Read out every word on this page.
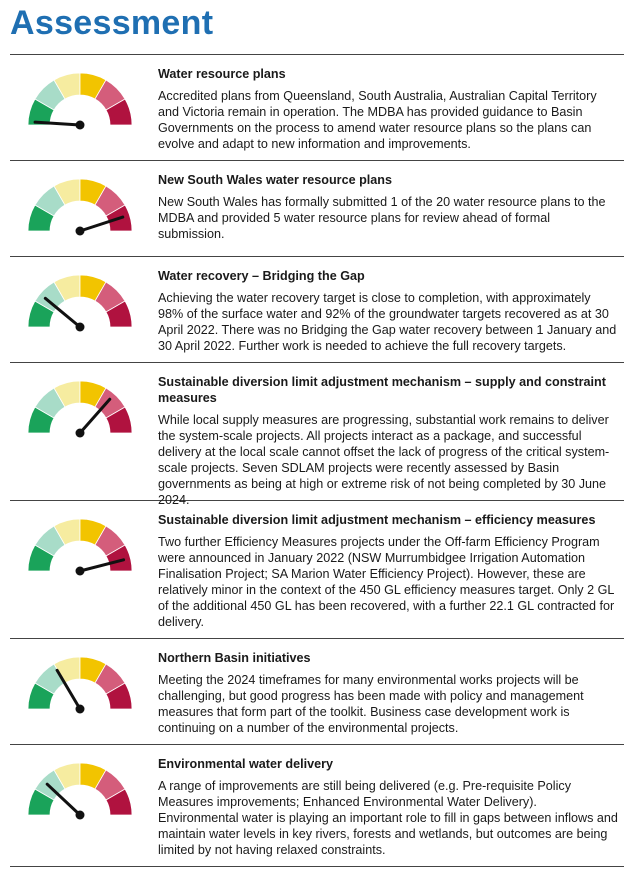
Assessment
Water resource plans
Accredited plans from Queensland, South Australia, Australian Capital Territory and Victoria remain in operation. The MDBA has provided guidance to Basin Governments on the process to amend water resource plans so the plans can evolve and adapt to new information and improvements.
New South Wales water resource plans
New South Wales has formally submitted 1 of the 20 water resource plans to the MDBA and provided 5 water resource plans for review ahead of formal submission.
Water recovery – Bridging the Gap
Achieving the water recovery target is close to completion, with approximately 98% of the surface water and 92% of the groundwater targets recovered as at 30 April 2022. There was no Bridging the Gap water recovery between 1 January and 30 April 2022. Further work is needed to achieve the full recovery targets.
Sustainable diversion limit adjustment mechanism – supply and constraint measures
While local supply measures are progressing, substantial work remains to deliver the system-scale projects. All projects interact as a package, and successful delivery at the local scale cannot offset the lack of progress of the critical system-scale projects. Seven SDLAM projects were recently assessed by Basin governments as being at high or extreme risk of not being completed by 30 June 2024.
Sustainable diversion limit adjustment mechanism – efficiency measures
Two further Efficiency Measures projects under the Off-farm Efficiency Program were announced in January 2022 (NSW Murrumbidgee Irrigation Automation Finalisation Project; SA Marion Water Efficiency Project). However, these are relatively minor in the context of the 450 GL efficiency measures target. Only 2 GL of the additional 450 GL has been recovered, with a further 22.1 GL contracted for delivery.
Northern Basin initiatives
Meeting the 2024 timeframes for many environmental works projects will be challenging, but good progress has been made with policy and management measures that form part of the toolkit. Business case development work is continuing on a number of the environmental projects.
Environmental water delivery
A range of improvements are still being delivered (e.g. Pre-requisite Policy Measures improvements; Enhanced Environmental Water Delivery). Environmental water is playing an important role to fill in gaps between inflows and maintain water levels in key rivers, forests and wetlands, but outcomes are being limited by not having relaxed constraints.
